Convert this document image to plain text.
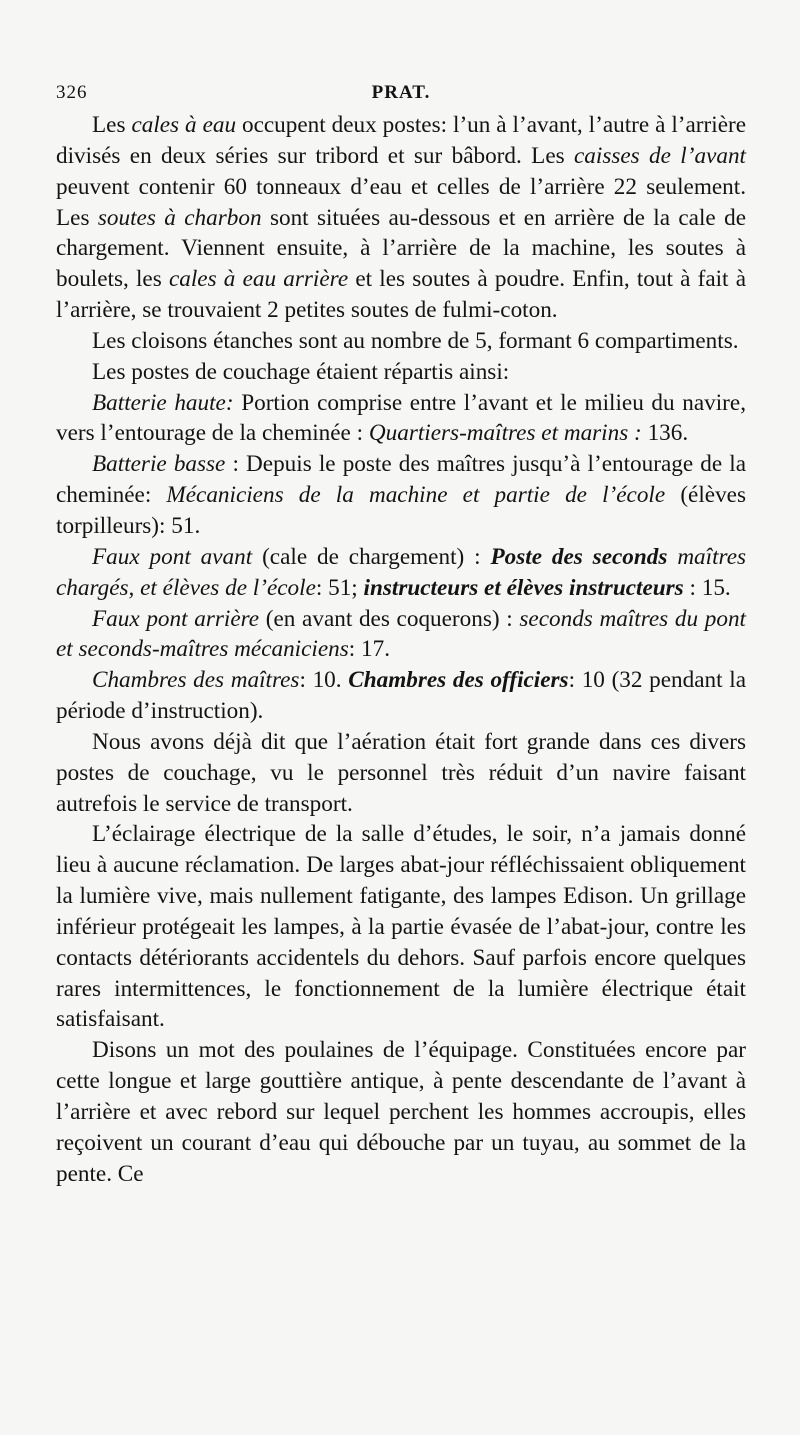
326	PRAT.

Les cales à eau occupent deux postes: l’un à l’avant, l’autre à l’arrière divisés en deux séries sur tribord et sur bâbord. Les caisses de l’avant peuvent contenir 60 tonneaux d’eau et celles de l’arrière 22 seulement. Les soutes à charbon sont situées au-dessous et en arrière de la cale de chargement. Viennent ensuite, à l’arrière de la machine, les soutes à boulets, les cales à eau arrière et les soutes à poudre. Enfin, tout à fait à l’arrière, se trouvaient 2 petites soutes de fulmi-coton.

Les cloisons étanches sont au nombre de 5, formant 6 compartiments.

Les postes de couchage étaient répartis ainsi:

Batterie haute: Portion comprise entre l’avant et le milieu du navire, vers l’entourage de la cheminée : Quartiers-maîtres et marins : 136.

Batterie basse : Depuis le poste des maîtres jusqu’à l’entourage de la cheminée: Mécaniciens de la machine et partie de l’école (élèves torpilleurs): 51.

Faux pont avant (cale de chargement) : Poste des seconds maîtres chargés, et élèves de l’école: 51; instructeurs et élèves instructeurs : 15.

Faux pont arrière (en avant des coquerons) : seconds maîtres du pont et seconds-maîtres mécaniciens: 17.

Chambres des maîtres: 10. Chambres des officiers: 10 (32 pendant la période d’instruction).

Nous avons déjà dit que l’aération était fort grande dans ces divers postes de couchage, vu le personnel très réduit d’un navire faisant autrefois le service de transport.

L’éclairage électrique de la salle d’études, le soir, n’a jamais donné lieu à aucune réclamation. De larges abat-jour réfléchissaient obliquement la lumière vive, mais nullement fatigante, des lampes Edison. Un grillage inférieur protégeait les lampes, à la partie évasée de l’abat-jour, contre les contacts détériorants accidentels du dehors. Sauf parfois encore quelques rares intermittences, le fonctionnement de la lumière électrique était satisfaisant.

Disons un mot des poulaines de l’équipage. Constituées encore par cette longue et large gouttière antique, à pente descendante de l’avant à l’arrière et avec rebord sur lequel perchent les hommes accroupis, elles reçoivent un courant d’eau qui débouche par un tuyau, au sommet de la pente. Ce
